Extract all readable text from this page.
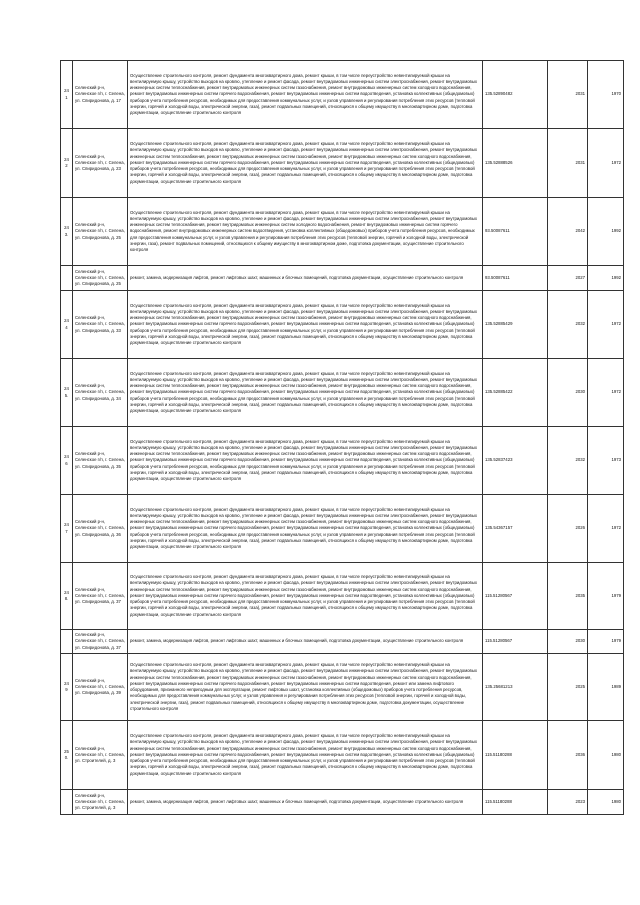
241	Селенский р-н, Селенское г/п, г. Селена, ул. Спиридонова, д. 17	Осуществление строительного контроля, ремонт фундамента многоквартирного дома, ремонт крыши, в том числе переустройство невентилируемой крыши на вентилируемую крышу, устройство выходов на кровлю, утепление и ремонт фасада, ремонт внутридомовых инженерных систем электроснабжения, ремонт внутридомовых инженерных систем теплоснабжения, ремонт внутридомовых инженерных систем газоснабжения, ремонт внутридомовых инженерных систем холодного водоснабжения, ремонт внутридомовых инженерных систем горячего водоснабжения, ремонт внутридомовых инженерных систем водоотведения, установка коллективных (общедомовых) приборов учета потребления ресурсов, необходимых для предоставления коммунальных услуг, и узлов управления и регулирования потребления этих ресурсов (тепловой энергии, горячей и холодной воды, электрической энергии, газа), ремонт подвальных помещений, относящихся к общему имуществу в многоквартирном доме, подготовка документации, осуществление строительного контроля	135.52890482	2031	1970
242	Селенский р-н, Селенское г/п, г. Селена, ул. Спиридонова, д. 23	Осуществление строительного контроля, ремонт фундамента многоквартирного дома, ремонт крыши, в том числе переустройство невентилируемой крыши на вентилируемую крышу, устройство выходов на кровлю, утепление и ремонт фасада, ремонт внутридомовых инженерных систем электроснабжения, ремонт внутридомовых инженерных систем теплоснабжения, ремонт внутридомовых инженерных систем газоснабжения, ремонт внутридомовых инженерных систем холодного водоснабжения, ремонт внутридомовых инженерных систем горячего водоснабжения, ремонт внутридомовых инженерных систем водоотведения, установка коллективных (общедомовых) приборов учета потребления ресурсов, необходимых для предоставления коммунальных услуг, и узлов управления и регулирования потребления этих ресурсов (тепловой энергии, горячей и холодной воды, электрической энергии, газа), ремонт подвальных помещений, относящихся к общему имуществу в многоквартирном доме, подготовка документации, осуществление строительного контроля	135.52888526	2031	1972
243.	Селенский р-н, Селенское г/п, г. Селена, ул. Спиридонова, д. 25	Осуществление строительного контроля, ремонт фундамента многоквартирного дома, ремонт крыши, в том числе переустройство невентилируемой крыши на вентилируемую крышу, устройство выходов на кровлю, утепление и ремонт фасада, ремонт внутридомовых инженерных систем электроснабжения, ремонт внутридомовых инженерных систем теплоснабжения, ремонт внутридомовых инженерных систем холодного водоснабжения, ремонт внутридомовых инженерных систем горячего водоснабжения, ремонт внутридомовых инженерных систем водоотведения, установка коллективных (общедомовых) приборов учета потребления ресурсов, необходимых для предоставления коммунальных услуг, и узлов управления и регулирования потребления этих ресурсов (тепловой энергии, горячей и холодной воды, электрической энергии, газа), ремонт подвальных помещений, относящихся к общему имуществу в многоквартирном доме, подготовка документации, осуществление строительного контроля	93.50087611	2042	1992
	Селенский р-н, Селенское г/п, г. Селена, ул. Спиридонова, д. 25	ремонт, замена, модернизация лифтов, ремонт лифтовых шахт, машинных и блочных помещений, подготовка документации, осуществление строительного контроля	93.50087611	2027	1992
244	Селенский р-н, Селенское г/п, г. Селена, ул. Спиридонова, д. 33	Осуществление строительного контроля, ремонт фундамента многоквартирного дома, ремонт крыши, в том числе переустройство невентилируемой крыши на вентилируемую крышу, устройство выходов на кровлю, утепление и ремонт фасада, ремонт внутридомовых инженерных систем электроснабжения, ремонт внутридомовых инженерных систем теплоснабжения, ремонт внутридомовых инженерных систем газоснабжения, ремонт внутридомовых инженерных систем холодного водоснабжения, ремонт внутридомовых инженерных систем горячего водоснабжения, ремонт внутридомовых инженерных систем водоотведения, установка коллективных (общедомовых) приборов учета потребления ресурсов, необходимых для предоставления коммунальных услуг, и узлов управления и регулирования потребления этих ресурсов (тепловой энергии, горячей и холодной воды, электрической энергии, газа), ремонт подвальных помещений, относящихся к общему имуществу в многоквартирном доме, подготовка документации, осуществление строительного контроля	135.52885429	2032	1972
245.	Селенский р-н, Селенское г/п, г. Селена, ул. Спиридонова, д. 34	Осуществление строительного контроля, ремонт фундамента многоквартирного дома, ремонт крыши, в том числе переустройство невентилируемой крыши на вентилируемую крышу, устройство выходов на кровлю, утепление и ремонт фасада, ремонт внутридомовых инженерных систем электроснабжения, ремонт внутридомовых инженерных систем теплоснабжения, ремонт внутридомовых инженерных систем газоснабжения, ремонт внутридомовых инженерных систем холодного водоснабжения, ремонт внутридомовых инженерных систем горячего водоснабжения, ремонт внутридомовых инженерных систем водоотведения, установка коллективных (общедомовых) приборов учета потребления ресурсов, необходимых для предоставления коммунальных услуг, и узлов управления и регулирования потребления этих ресурсов (тепловой энергии, горячей и холодной воды, электрической энергии, газа), ремонт подвальных помещений, относящихся к общему имуществу в многоквартирном доме, подготовка документации, осуществление строительного контроля	135.52885422	2030	1972
246	Селенский р-н, Селенское г/п, г. Селена, ул. Спиридонова, д. 35	Осуществление строительного контроля, ремонт фундамента многоквартирного дома, ремонт крыши, в том числе переустройство невентилируемой крыши на вентилируемую крышу, устройство выходов на кровлю, утепление и ремонт фасада, ремонт внутридомовых инженерных систем электроснабжения, ремонт внутридомовых инженерных систем теплоснабжения, ремонт внутридомовых инженерных систем газоснабжения, ремонт внутридомовых инженерных систем холодного водоснабжения, ремонт внутридомовых инженерных систем горячего водоснабжения, ремонт внутридомовых инженерных систем водоотведения, установка коллективных (общедомовых) приборов учета потребления ресурсов, необходимых для предоставления коммунальных услуг, и узлов управления и регулирования потребления этих ресурсов (тепловой энергии, горячей и холодной воды, электрической энергии, газа), ремонт подвальных помещений, относящихся к общему имуществу в многоквартирном доме, подготовка документации, осуществление строительного контроля	135.52837423	2032	1973
247	Селенский р-н, Селенское г/п, г. Селена, ул. Спиридонова, д. 36	Осуществление строительного контроля, ремонт фундамента многоквартирного дома, ремонт крыши, в том числе переустройство невентилируемой крыши на вентилируемую крышу, устройство выходов на кровлю, утепление и ремонт фасада, ремонт внутридомовых инженерных систем электроснабжения, ремонт внутридомовых инженерных систем теплоснабжения, ремонт внутридомовых инженерных систем газоснабжения, ремонт внутридомовых инженерных систем холодного водоснабжения, ремонт внутридомовых инженерных систем горячего водоснабжения, ремонт внутридомовых инженерных систем водоотведения, установка коллективных (общедомовых) приборов учета потребления ресурсов, необходимых для предоставления коммунальных услуг, и узлов управления и регулирования потребления этих ресурсов (тепловой энергии, горячей и холодной воды, электрической энергии, газа), ремонт подвальных помещений, относящихся к общему имуществу в многоквартирном доме, подготовка документации, осуществление строительного контроля	135.54367157	2026	1972
248.	Селенский р-н, Селенское г/п, г. Селена, ул. Спиридонова, д. 37	Осуществление строительного контроля, ремонт фундамента многоквартирного дома, ремонт крыши, в том числе переустройство невентилируемой крыши на вентилируемую крышу, устройство выходов на кровлю, утепление и ремонт фасада, ремонт внутридомовых инженерных систем электроснабжения, ремонт внутридомовых инженерных систем теплоснабжения, ремонт внутридомовых инженерных систем газоснабжения, ремонт внутридомовых инженерных систем холодного водоснабжения, ремонт внутридомовых инженерных систем горячего водоснабжения, ремонт внутридомовых инженерных систем водоотведения, установка коллективных (общедомовых) приборов учета потребления ресурсов, необходимых для предоставления коммунальных услуг, и узлов управления и регулирования потребления этих ресурсов (тепловой энергии, горячей и холодной воды, электрической энергии, газа), ремонт подвальных помещений, относящихся к общему имуществу в многоквартирном доме, подготовка документации, осуществление строительного контроля	115.51280567	2035	1979
	Селенский р-н, Селенское г/п, г. Селена, ул. Спиридонова, д. 37	ремонт, замена, модернизация лифтов, ремонт лифтовых шахт, машинных и блочных помещений, подготовка документации, осуществление строительного контроля	115.51280567	2030	1979
249	Селенский р-н, Селенское г/п, г. Селена, ул. Спиридонова, д. 39	Осуществление строительного контроля, ремонт фундамента многоквартирного дома, ремонт крыши, в том числе переустройство невентилируемой крыши на вентилируемую крышу, устройство выходов на кровлю, утепление и ремонт фасада, ремонт внутридомовых инженерных систем электроснабжения, ремонт внутридомовых инженерных систем теплоснабжения, ремонт внутридомовых инженерных систем газоснабжения, ремонт внутридомовых инженерных систем холодного водоснабжения, ремонт внутридомовых инженерных систем горячего водоснабжения, ремонт внутридомовых инженерных систем водоотведения, ремонт или замена лифтового оборудования, признанного непригодным для эксплуатации, ремонт лифтовых шахт, установка коллективных (общедомовых) приборов учета потребления ресурсов, необходимых для предоставления коммунальных услуг, и узлов управления и регулирования потребления этих ресурсов (тепловой энергии, горячей и холодной воды, электрической энергии, газа), ремонт подвальных помещений, относящихся к общему имуществу в многоквартирном доме, подготовка документации, осуществление строительного контроля	135.25681213	2025	1989
250.	Селенский р-н, Селенское г/п, г. Селена, ул. Строителей, д. 3	Осуществление строительного контроля, ремонт фундамента многоквартирного дома, ремонт крыши, в том числе переустройство невентилируемой крыши на вентилируемую крышу, устройство выходов на кровлю, утепление и ремонт фасада, ремонт внутридомовых инженерных систем электроснабжения, ремонт внутридомовых инженерных систем теплоснабжения, ремонт внутридомовых инженерных систем газоснабжения, ремонт внутридомовых инженерных систем холодного водоснабжения, ремонт внутридомовых инженерных систем горячего водоснабжения, ремонт внутридомовых инженерных систем водоотведения, установка коллективных (общедомовых) приборов учета потребления ресурсов, необходимых для предоставления коммунальных услуг, и узлов управления и регулирования потребления этих ресурсов (тепловой энергии, горячей и холодной воды, электрической энергии, газа), ремонт подвальных помещений, относящихся к общему имуществу в многоквартирном доме, подготовка документации, осуществление строительного контроля	115.51180288	2036	1980
	Селенский р-н, Селенское г/п, г. Селена, ул. Строителей, д. 3	ремонт, замена, модернизация лифтов, ремонт лифтовых шахт, машинных и блочных помещений, подготовка документации, осуществление строительного контроля	115.51180288	2023	1980
